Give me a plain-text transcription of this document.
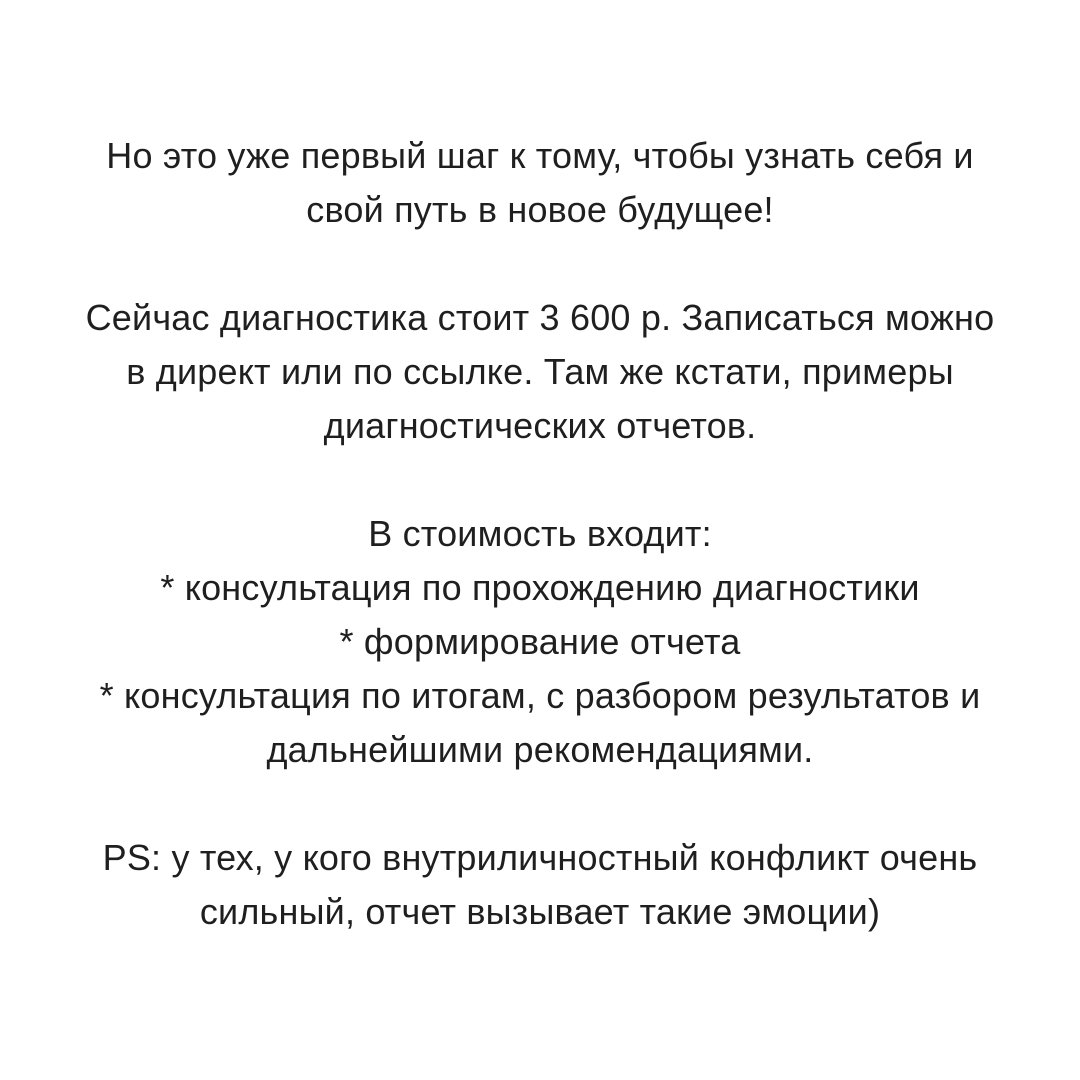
Но это уже первый шаг к тому, чтобы узнать себя и
свой путь в новое будущее!
Сейчас диагностика стоит 3 600 р. Записаться можно
в директ или по ссылке. Там же кстати, примеры
диагностических отчетов.
В стоимость входит:
* консультация по прохождению диагностики
* формирование отчета
* консультация по итогам, с разбором результатов и
дальнейшими рекомендациями.
PS: у тех, у кого внутриличностный конфликт очень
сильный, отчет вызывает такие эмоции)
